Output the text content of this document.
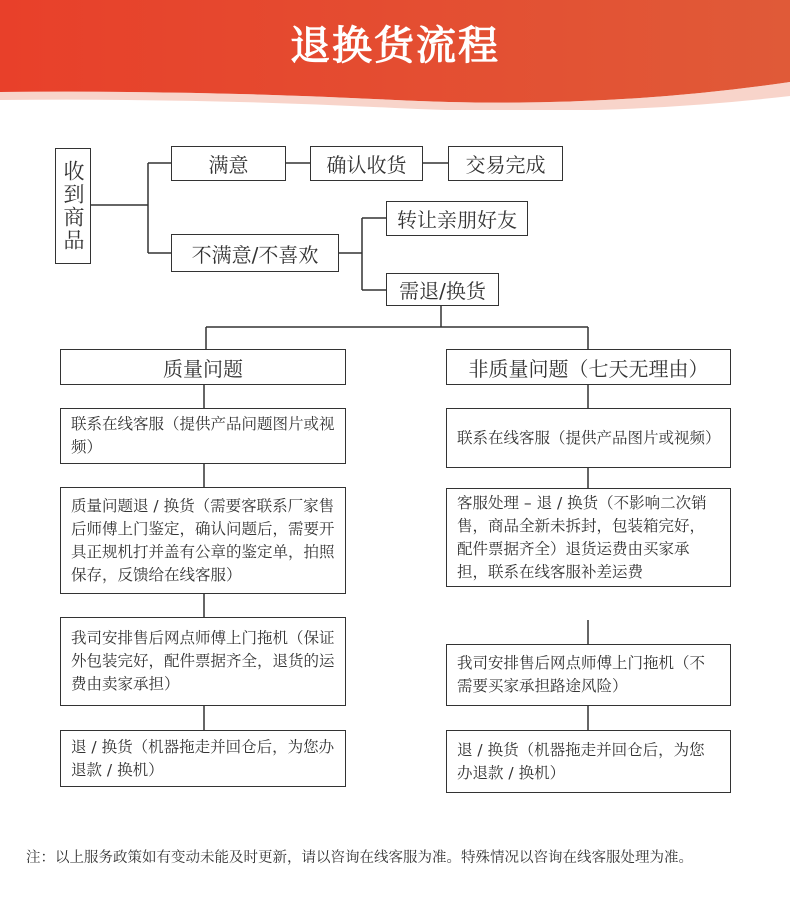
退换货流程
收到商品	满意	确认收货	交易完成
不满意/不喜欢
转让亲朋好友
需退/换货
质量问题	非质量问题（七天无理由）
联系在线客服（提供产品问题图片或视频）
质量问题退 / 换货（需要客联系厂家售后师傅上门鉴定，确认问题后，需要开具正规机打并盖有公章的鉴定单，拍照保存，反馈给在线客服）
我司安排售后网点师傅上门拖机（保证外包装完好，配件票据齐全，退货的运费由卖家承担）
退 / 换货（机器拖走并回仓后，为您办退款 / 换机）
联系在线客服（提供产品图片或视频）
客服处理 – 退 / 换货（不影响二次销售，商品全新未拆封，包装箱完好，配件票据齐全）退货运费由买家承担，联系在线客服补差运费
我司安排售后网点师傅上门拖机（不需要买家承担路途风险）
退 / 换货（机器拖走并回仓后，为您办退款 / 换机）
注：以上服务政策如有变动未能及时更新，请以咨询在线客服为准。特殊情况以咨询在线客服处理为准。
